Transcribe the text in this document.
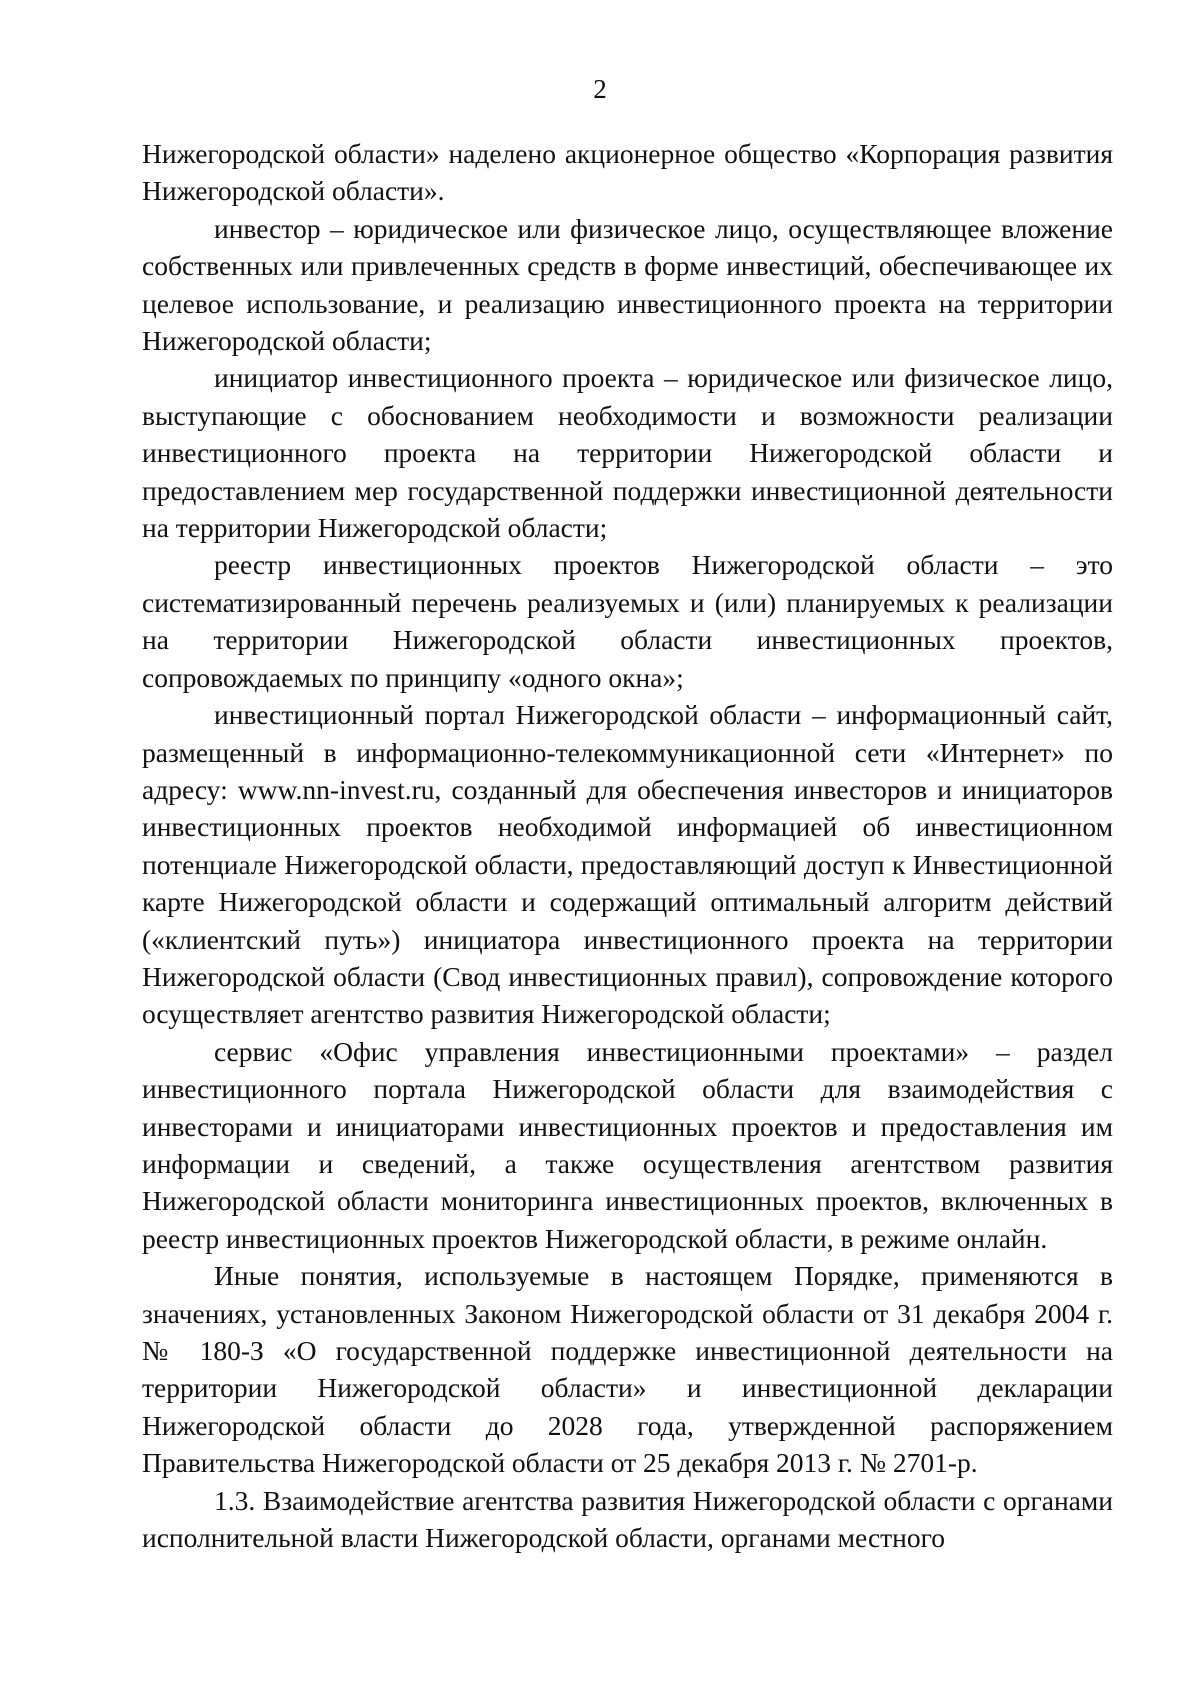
2

Нижегородской области» наделено акционерное общество «Корпорация развития Нижегородской области».

инвестор – юридическое или физическое лицо, осуществляющее вложение собственных или привлеченных средств в форме инвестиций, обеспечивающее их целевое использование, и реализацию инвестиционного проекта на территории Нижегородской области;

инициатор инвестиционного проекта – юридическое или физическое лицо, выступающие с обоснованием необходимости и возможности реализации инвестиционного проекта на территории Нижегородской области и предоставлением мер государственной поддержки инвестиционной деятельности на территории Нижегородской области;

реестр инвестиционных проектов Нижегородской области – это систематизированный перечень реализуемых и (или) планируемых к реализации на территории Нижегородской области инвестиционных проектов, сопровождаемых по принципу «одного окна»;

инвестиционный портал Нижегородской области – информационный сайт, размещенный в информационно-телекоммуникационной сети «Интернет» по адресу: www.nn-invest.ru, созданный для обеспечения инвесторов и инициаторов инвестиционных проектов необходимой информацией об инвестиционном потенциале Нижегородской области, предоставляющий доступ к Инвестиционной карте Нижегородской области и содержащий оптимальный алгоритм действий («клиентский путь») инициатора инвестиционного проекта на территории Нижегородской области (Свод инвестиционных правил), сопровождение которого осуществляет агентство развития Нижегородской области;

сервис «Офис управления инвестиционными проектами» – раздел инвестиционного портала Нижегородской области для взаимодействия с инвесторами и инициаторами инвестиционных проектов и предоставления им информации и сведений, а также осуществления агентством развития Нижегородской области мониторинга инвестиционных проектов, включенных в реестр инвестиционных проектов Нижегородской области, в режиме онлайн.

Иные понятия, используемые в настоящем Порядке, применяются в значениях, установленных Законом Нижегородской области от 31 декабря 2004 г. № 180-З «О государственной поддержке инвестиционной деятельности на территории Нижегородской области» и инвестиционной декларации Нижегородской области до 2028 года, утвержденной распоряжением Правительства Нижегородской области от 25 декабря 2013 г. № 2701-р.

1.3. Взаимодействие агентства развития Нижегородской области с органами исполнительной власти Нижегородской области, органами местного
